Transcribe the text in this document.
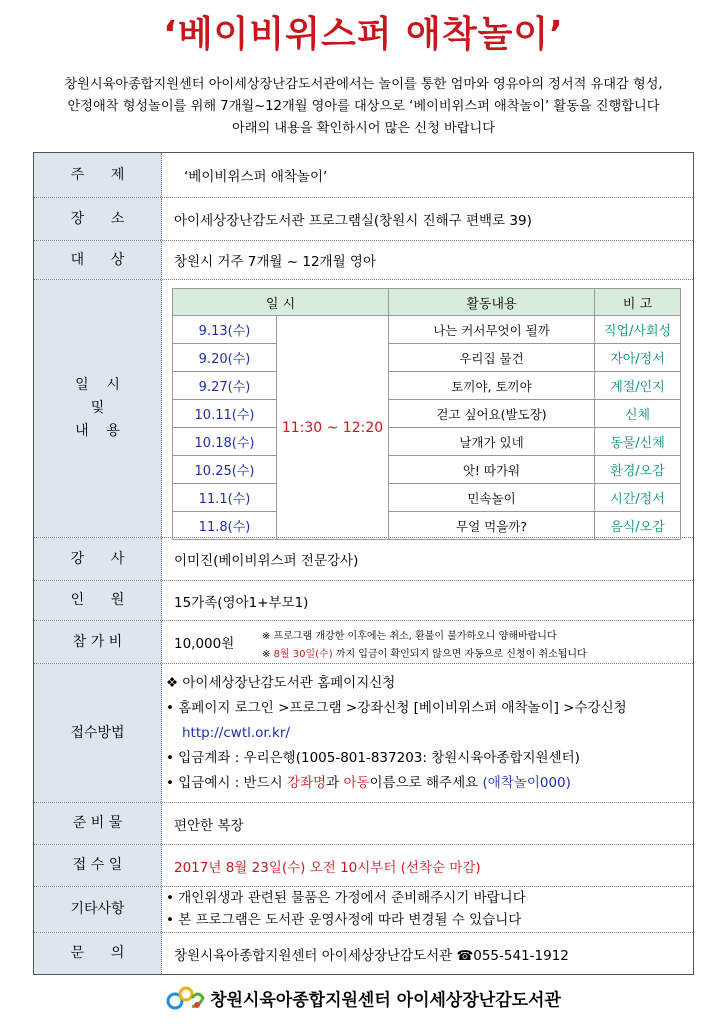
‘베이비위스퍼 애착놀이’
창원시육아종합지원센터 아이세상장난감도서관에서는 놀이를 통한 엄마와 영유아의 정서적 유대감 형성,
안정애착 형성놀이를 위해 7개월~12개월 영아를 대상으로 ‘베이비위스퍼 애착놀이’ 활동을 진행합니다
아래의 내용을 확인하시어 많은 신청 바랍니다
주      제	‘베이비위스퍼 애착놀이’
장      소	아이세상장난감도서관 프로그램실(창원시 진해구 편백로 39)
대      상	창원시 거주 7개월 ~ 12개월 영아
일    시
및
내    용
일 시		활동내용	비 고
9.13(수)	11:30 ~ 12:20	나는 커서무엇이 될까	직업/사회성
9.20(수)		우리집 물건	자아/정서
9.27(수)		토끼야, 토끼야	계절/인지
10.11(수)		걷고 싶어요(발도장)	신체
10.18(수)		날개가 있네	동물/신체
10.25(수)		앗! 따가워	환경/오감
11.1(수)		민속놀이	시간/정서
11.8(수)		무얼 먹을까?	음식/오감
강      사	이미진(베이비위스퍼 전문강사)
인      원	15가족(영아1+부모1)
참 가 비	10,000원	※ 프로그램 개강한 이후에는 취소, 환불이 불가하오니 양해바랍니다
※ 8월 30일(수) 까지 입금이 확인되지 않으면 자동으로 신청이 취소됩니다
접수방법
❖ 아이세상장난감도서관 홈페이지신청
• 홈페이지 로그인 >프로그램 >강좌신청 [베이비위스퍼 애착놀이] >수강신청
http://cwtl.or.kr/
• 입금계좌 : 우리은행(1005-801-837203: 창원시육아종합지원센터)
• 입금예시 : 반드시 강좌명과 아동이름으로 해주세요 (애착놀이000)
준 비 물	편안한 복장
접 수 일	2017년 8월 23일(수) 오전 10시부터 (선착순 마감)
기타사항
• 개인위생과 관련된 물품은 가정에서 준비해주시기 바랍니다
• 본 프로그램은 도서관 운영사정에 따라 변경될 수 있습니다
문      의	창원시육아종합지원센터 아이세상장난감도서관 ☎055-541-1912
창원시육아종합지원센터 아이세상장난감도서관
